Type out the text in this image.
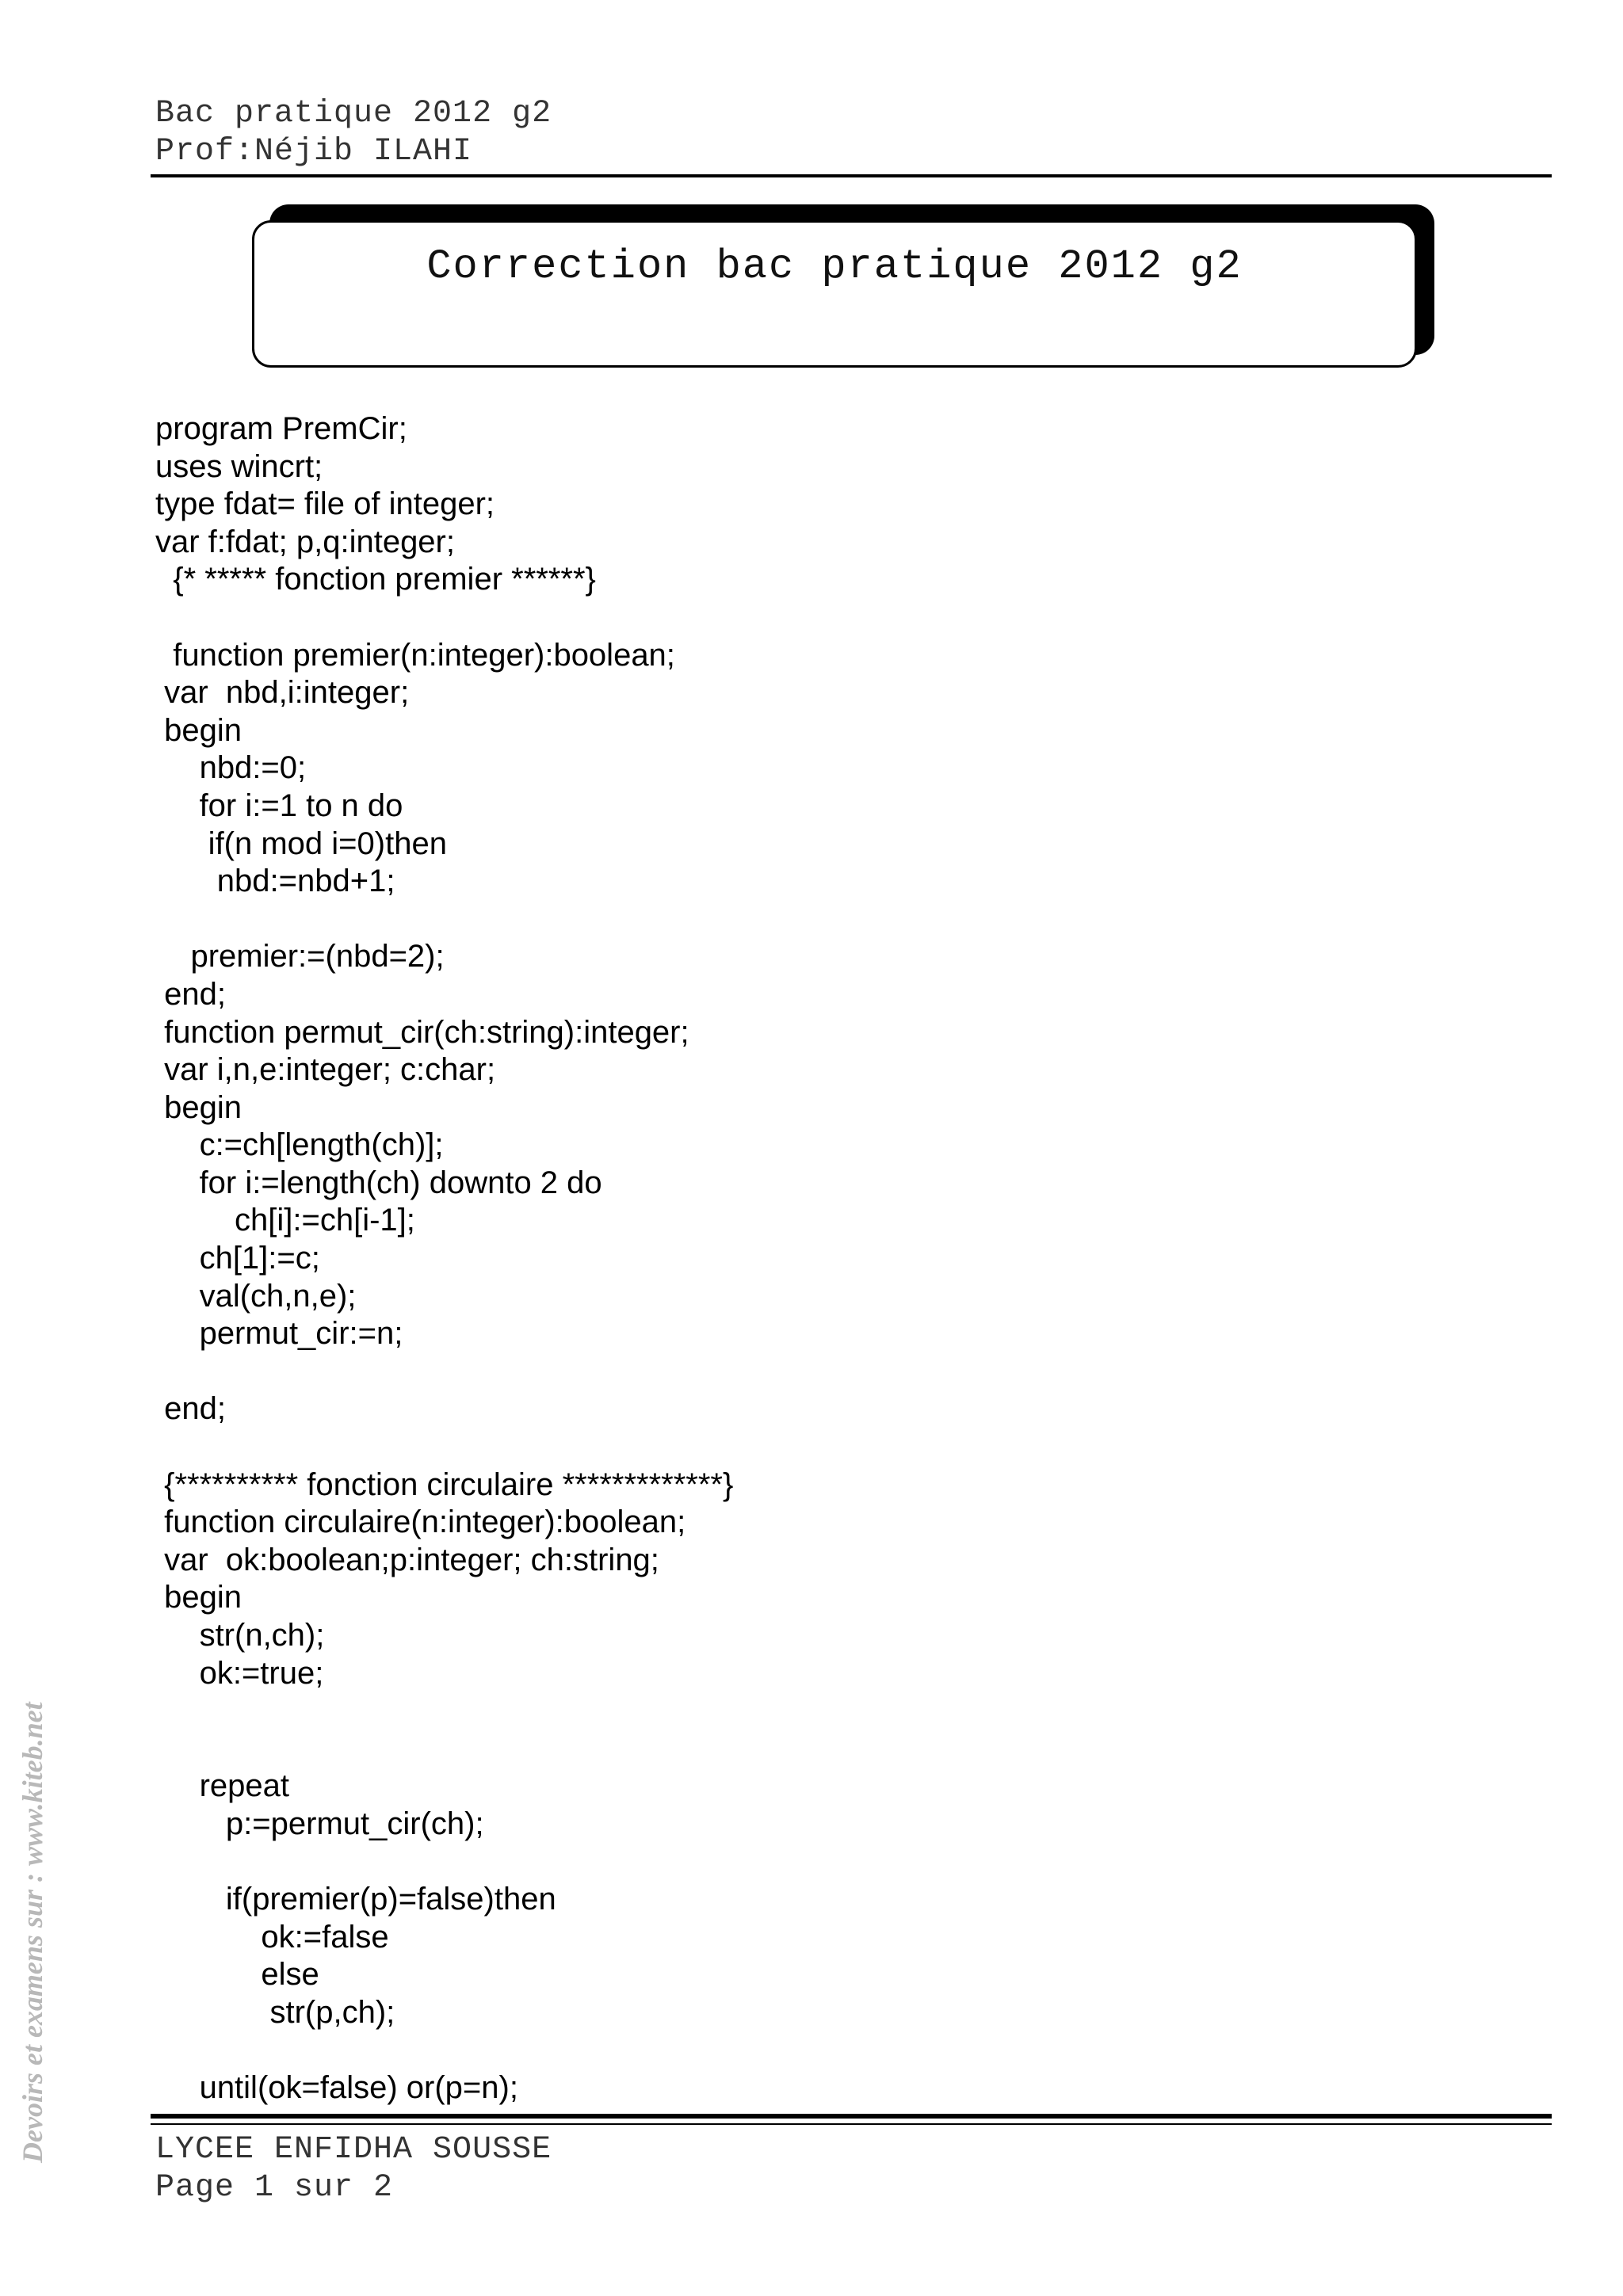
Bac pratique 2012 g2
Prof:Néjib ILAHI
Correction bac pratique 2012 g2
program PremCir;
uses wincrt;
type fdat= file of integer;
var f:fdat; p,q:integer;
{* ***** fonction premier ******}
function premier(n:integer):boolean;
var  nbd,i:integer;
begin
nbd:=0;
for i:=1 to n do
if(n mod i=0)then
nbd:=nbd+1;
premier:=(nbd=2);
end;
function permut_cir(ch:string):integer;
var i,n,e:integer; c:char;
begin
c:=ch[length(ch)];
for i:=length(ch) downto 2 do
ch[i]:=ch[i-1];
ch[1]:=c;
val(ch,n,e);
permut_cir:=n;
end;
{********** fonction circulaire *************}
function circulaire(n:integer):boolean;
var  ok:boolean;p:integer; ch:string;
begin
str(n,ch);
ok:=true;
repeat
p:=permut_cir(ch);
if(premier(p)=false)then
ok:=false
else
str(p,ch);
until(ok=false) or(p=n);
LYCEE ENFIDHA SOUSSE
Page 1 sur 2
Devoirs et examens sur : www.kiteb.net
